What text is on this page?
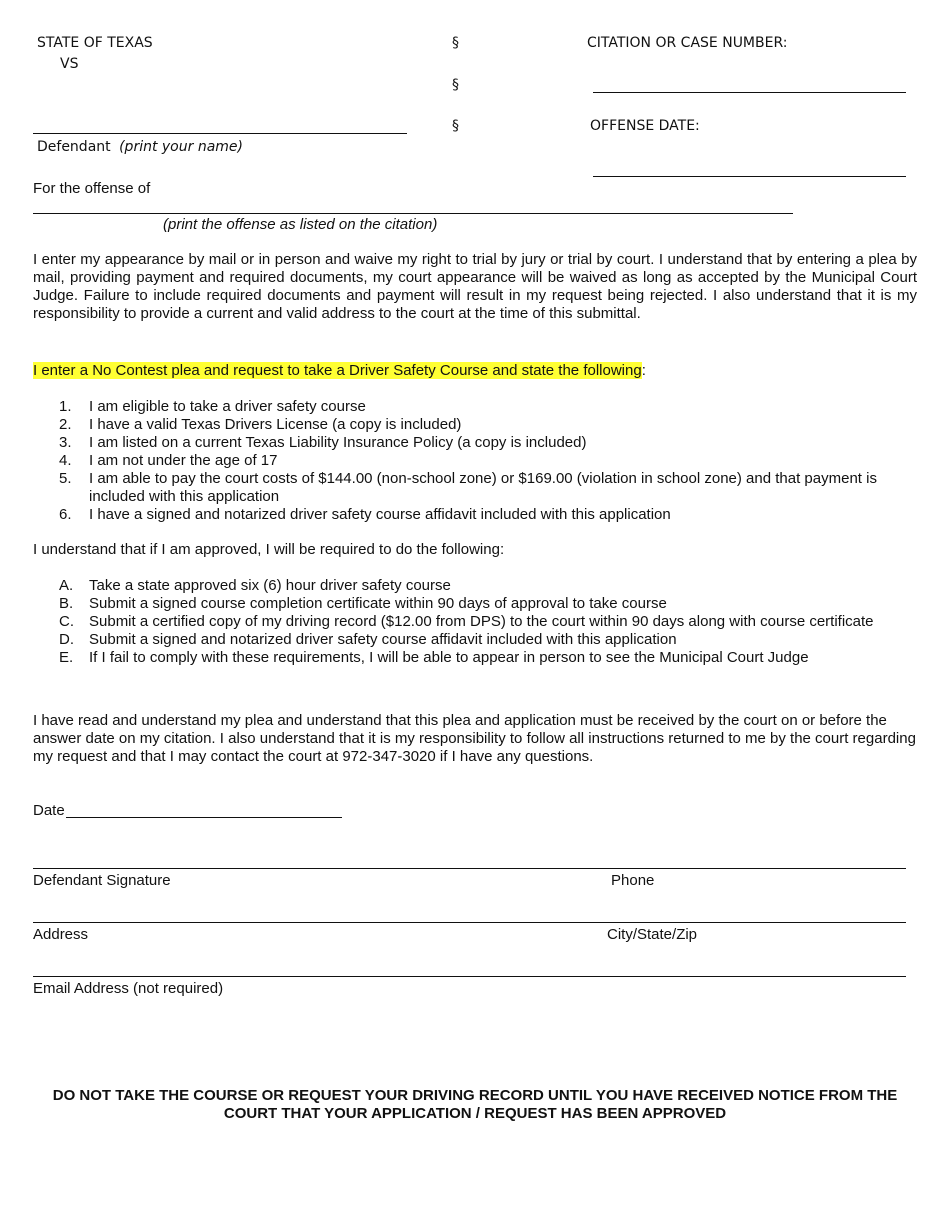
STATE OF TEXAS
VS
§
§
§
CITATION OR CASE NUMBER:
OFFENSE DATE:
Defendant (print your name)
For the offense of
(print the offense as listed on the citation)
I enter my appearance by mail or in person and waive my right to trial by jury or trial by court. I understand that by entering a plea by mail, providing payment and required documents, my court appearance will be waived as long as accepted by the Municipal Court Judge. Failure to include required documents and payment will result in my request being rejected. I also understand that it is my responsibility to provide a current and valid address to the court at the time of this submittal.
I enter a No Contest plea and request to take a Driver Safety Course and state the following:
1. I am eligible to take a driver safety course
2. I have a valid Texas Drivers License (a copy is included)
3. I am listed on a current Texas Liability Insurance Policy (a copy is included)
4. I am not under the age of 17
5. I am able to pay the court costs of $144.00 (non-school zone) or $169.00 (violation in school zone) and that payment is included with this application
6. I have a signed and notarized driver safety course affidavit included with this application
I understand that if I am approved, I will be required to do the following:
A. Take a state approved six (6) hour driver safety course
B. Submit a signed course completion certificate within 90 days of approval to take course
C. Submit a certified copy of my driving record ($12.00 from DPS) to the court within 90 days along with course certificate
D. Submit a signed and notarized driver safety course affidavit included with this application
E. If I fail to comply with these requirements, I will be able to appear in person to see the Municipal Court Judge
I have read and understand my plea and understand that this plea and application must be received by the court on or before the answer date on my citation. I also understand that it is my responsibility to follow all instructions returned to me by the court regarding my request and that I may contact the court at 972-347-3020 if I have any questions.
Date
Defendant Signature	Phone
Address	City/State/Zip
Email Address (not required)
DO NOT TAKE THE COURSE OR REQUEST YOUR DRIVING RECORD UNTIL YOU HAVE RECEIVED NOTICE FROM THE COURT THAT YOUR APPLICATION / REQUEST HAS BEEN APPROVED
